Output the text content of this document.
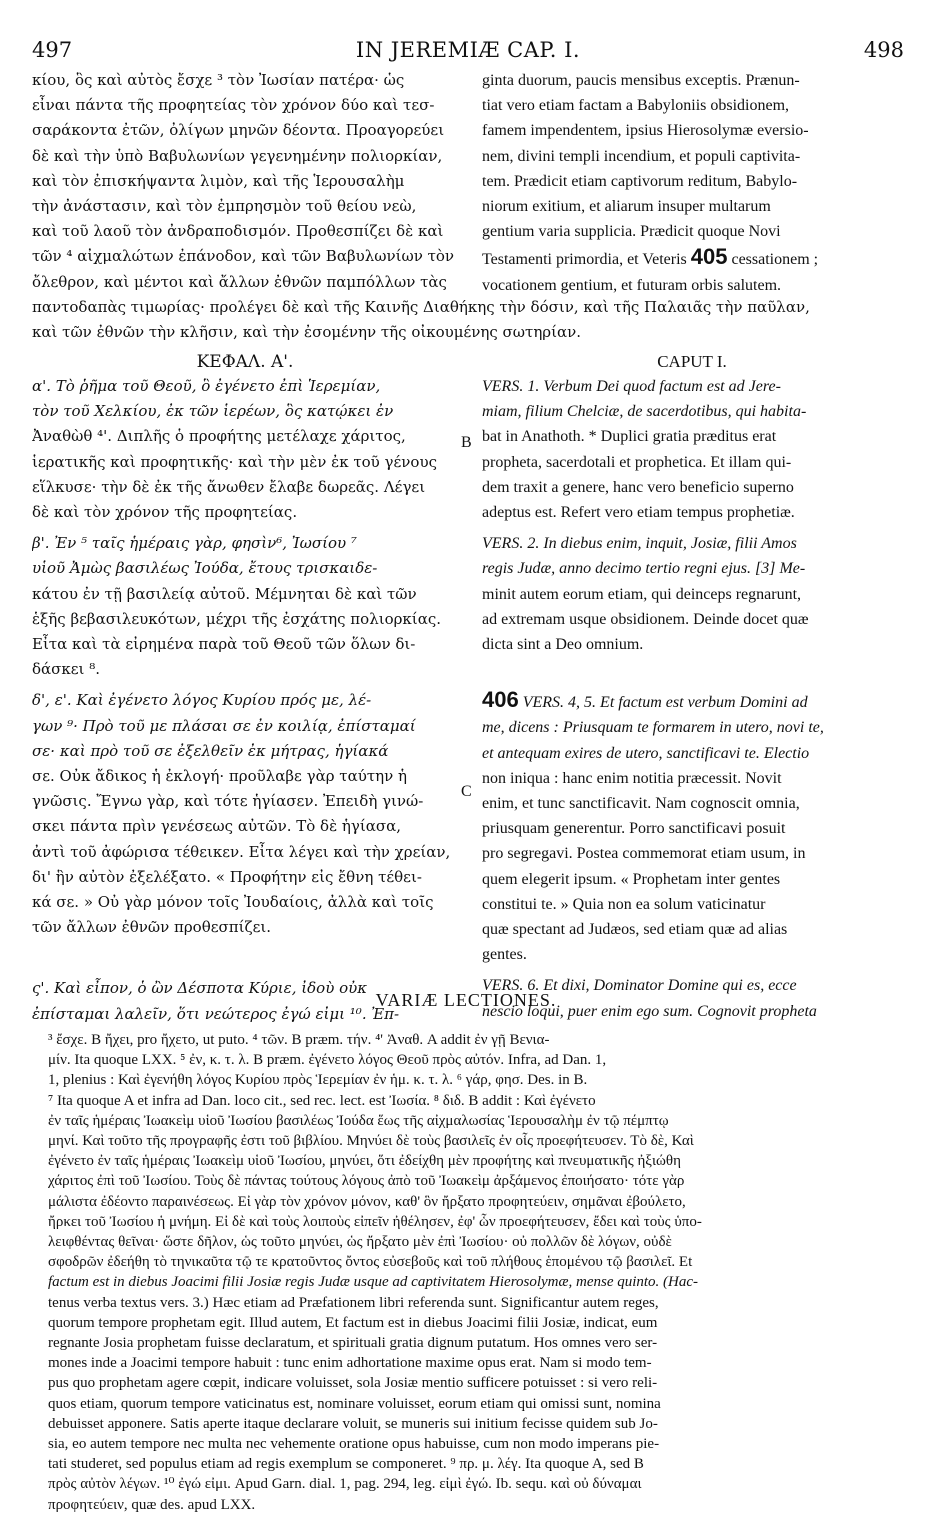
497	IN JEREMIÆ CAP. I.	498
κίου, ὃς καὶ αὐτὸς ἔσχε ³ τὸν Ἰωσίαν πατέρα· ὡς
εἶναι πάντα τῆς προφητείας τὸν χρόνον δύο καὶ τεσ-
σαράκοντα ἐτῶν, ὀλίγων μηνῶν δέοντα. Προαγορεύει
δὲ καὶ τὴν ὑπὸ Βαβυλωνίων γεγενημένην πολιορκίαν,
καὶ τὸν ἐπισκήψαντα λιμὸν, καὶ τῆς Ἱερουσαλὴμ
τὴν ἀνάστασιν, καὶ τὸν ἐμπρησμὸν τοῦ θείου νεὼ,
καὶ τοῦ λαοῦ τὸν ἀνδραποδισμόν. Προθεσπίζει δὲ καὶ
τῶν ⁴ αἰχμαλώτων ἐπάνοδον, καὶ τῶν Βαβυλωνίων τὸν
ὄλεθρον, καὶ μέντοι καὶ ἄλλων ἐθνῶν παμπόλλων τὰς
ginta duorum, paucis mensibus exceptis. Prænun-
tiat vero etiam factam a Babyloniis obsidionem,
famem impendentem, ipsius Hierosolymæ eversio-
nem, divini templi incendium, et populi captivita-
tem. Prædicit etiam captivorum reditum, Babylo-
niorum exitium, et aliarum insuper multarum
gentium varia supplicia. Prædicit quoque Novi
Testamenti primordia, et Veteris 405 cessationem ;
vocationem gentium, et futuram orbis salutem.
παντοδαπὰς τιμωρίας· προλέγει δὲ καὶ τῆς Καινῆς Διαθήκης τὴν δόσιν, καὶ τῆς Παλαιᾶς τὴν παῦλαν,
καὶ τῶν ἐθνῶν τὴν κλῆσιν, καὶ τὴν ἐσομένην τῆς οἰκουμένης σωτηρίαν.
ΚΕΦΑΛ. Α'.	CAPUT I.
α'. Τὸ ῥῆμα τοῦ Θεοῦ, ὃ ἐγένετο ἐπὶ Ἱερεμίαν,
τὸν τοῦ Χελκίου, ἐκ τῶν ἱερέων, ὃς κατῴκει ἐν
Ἀναθὼθ ⁴'. Διπλῆς ὁ προφήτης μετέλαχε χάριτος,
ἱερατικῆς καὶ προφητικῆς· καὶ τὴν μὲν ἐκ τοῦ γένους
εἵλκυσε· τὴν δὲ ἐκ τῆς ἄνωθεν ἔλαβε δωρεᾶς. Λέγει
δὲ καὶ τὸν χρόνον τῆς προφητείας.
β'. Ἐν ⁵ ταῖς ἡμέραις γὰρ, φησὶν⁶, Ἰωσίου ⁷
υἱοῦ Ἀμὼς βασιλέως Ἰούδα, ἔτους τρισκαιδε-
κάτου ἐν τῇ βασιλείᾳ αὐτοῦ. Μέμνηται δὲ καὶ τῶν
ἑξῆς βεβασιλευκότων, μέχρι τῆς ἐσχάτης πολιορκίας.
Εἶτα καὶ τὰ εἰρημένα παρὰ τοῦ Θεοῦ τῶν ὅλων δι-
δάσκει ⁸.
δ', ε'. Καὶ ἐγένετο λόγος Κυρίου πρός με, λέ-
γων ⁹· Πρὸ τοῦ με πλάσαι σε ἐν κοιλίᾳ, ἐπίσταμαί
σε· καὶ πρὸ τοῦ σε ἐξελθεῖν ἐκ μήτρας, ἡγίακά
σε. Οὐκ ἄδικος ἡ ἐκλογή· προῦλαβε γὰρ ταύτην ἡ
γνῶσις. Ἔγνω γὰρ, καὶ τότε ἡγίασεν. Ἐπειδὴ γινώ-
σκει πάντα πρὶν γενέσεως αὐτῶν. Τὸ δὲ ἡγίασα,
ἀντὶ τοῦ ἀφώρισα τέθεικεν. Εἶτα λέγει καὶ τὴν χρείαν,
δι' ἣν αὐτὸν ἐξελέξατο. « Προφήτην εἰς ἔθνη τέθει-
κά σε. » Οὐ γὰρ μόνον τοῖς Ἰουδαίοις, ἀλλὰ καὶ τοῖς
τῶν ἄλλων ἐθνῶν προθεσπίζει.
ς'. Καὶ εἶπον, ὁ ὢν Δέσποτα Κύριε, ἰδοὺ οὐκ
ἐπίσταμαι λαλεῖν, ὅτι νεώτερος ἐγώ εἰμι ¹⁰. Ἐπ-
VERS. 1. Verbum Dei quod factum est ad Jere-
miam, filium Chelciæ, de sacerdotibus, qui habita-
bat in Anathoth. * Duplici gratia præditus erat
propheta, sacerdotali et prophetica. Et illam qui-
dem traxit a genere, hanc vero beneficio superno
adeptus est. Refert vero etiam tempus prophetiæ.
VERS. 2. In diebus enim, inquit, Josiæ, filii Amos
regis Judæ, anno decimo tertio regni ejus. [3] Me-
minit autem eorum etiam, qui deinceps regnarunt,
ad extremam usque obsidionem. Deinde docet quæ
dicta sint a Deo omnium.
406 VERS. 4, 5. Et factum est verbum Domini ad
me, dicens : Priusquam te formarem in utero, novi te,
et antequam exires de utero, sanctificavi te. Electio
non iniqua : hanc enim notitia præcessit. Novit
enim, et tunc sanctificavit. Nam cognoscit omnia,
priusquam generentur. Porro sanctificavi posuit
pro segregavi. Postea commemorat etiam usum, in
quem elegerit ipsum. « Prophetam inter gentes
constitui te. » Quia non ea solum vaticinatur
quæ spectant ad Judæos, sed etiam quæ ad alias
gentes.
VERS. 6. Et dixi, Dominator Domine qui es, ecce
nescio loqui, puer enim ego sum. Cognovit propheta
B
C
VARIÆ LECTIONES.
³ ἔσχε. B ἤχει, pro ἤχετο, ut puto. ⁴ τῶν. B præm. τήν. ⁴' Ἀναθ. A addit ἐν γῇ Βενια-
μίν. Ita quoque LXX. ⁵ ἐν, κ. τ. λ. B præm. ἐγένετο λόγος Θεοῦ πρὸς αὐτόν. Infra, ad Dan. 1,
1, plenius : Καὶ ἐγενήθη λόγος Κυρίου πρὸς Ἱερεμίαν ἐν ἡμ. κ. τ. λ. ⁶ γάρ, φησ. Des. in B.
⁷ Ita quoque A et infra ad Dan. loco cit., sed rec. lect. est Ἰωσία. ⁸ διδ. B addit : Καὶ ἐγένετο
ἐν ταῖς ἡμέραις Ἰωακεὶμ υἱοῦ Ἰωσίου βασιλέως Ἰούδα ἕως τῆς αἰχμαλωσίας Ἱερουσαλὴμ ἐν τῷ πέμπτῳ
μηνί. Καὶ τοῦτο τῆς προγραφῆς ἐστι τοῦ βιβλίου. Μηνύει δὲ τοὺς βασιλεῖς ἐν οἷς προεφήτευσεν. Τὸ δὲ, Καὶ
ἐγένετο ἐν ταῖς ἡμέραις Ἰωακεὶμ υἱοῦ Ἰωσίου, μηνύει, ὅτι ἐδείχθη μὲν προφήτης καὶ πνευματικῆς ἠξιώθη
χάριτος ἐπὶ τοῦ Ἰωσίου. Τοὺς δὲ πάντας τούτους λόγους ἀπὸ τοῦ Ἰωακεὶμ ἀρξάμενος ἐποιήσατο· τότε γὰρ
μάλιστα ἐδέοντο παραινέσεως. Εἰ γὰρ τὸν χρόνον μόνον, καθ' ὃν ἤρξατο προφητεύειν, σημᾶναι ἐβούλετο,
ἤρκει τοῦ Ἰωσίου ἡ μνήμη. Εἰ δὲ καὶ τοὺς λοιποὺς εἰπεῖν ἠθέλησεν, ἐφ' ὧν προεφήτευσεν, ἔδει καὶ τοὺς ὑπο-
λειφθέντας θεῖναι· ὥστε δῆλον, ὡς τοῦτο μηνύει, ὡς ἤρξατο μὲν ἐπὶ Ἰωσίου· οὐ πολλῶν δὲ λόγων, οὐδὲ
σφοδρῶν ἐδεήθη τὸ τηνικαῦτα τῷ τε κρατοῦντος ὄντος εὐσεβοῦς καὶ τοῦ πλήθους ἑπομένου τῷ βασιλεῖ. Et
factum est in diebus Joacimi filii Josiæ regis Judæ usque ad captivitatem Hierosolymæ, mense quinto. (Hac-
tenus verba textus vers. 3.) Hæc etiam ad Præfationem libri referenda sunt. Significantur autem reges,
quorum tempore prophetam egit. Illud autem, Et factum est in diebus Joacimi filii Josiæ, indicat, eum
regnante Josia prophetam fuisse declaratum, et spirituali gratia dignum putatum. Hos omnes vero ser-
mones inde a Joacimi tempore habuit : tunc enim adhortatione maxime opus erat. Nam si modo tem-
pus quo prophetam agere cœpit, indicare voluisset, sola Josiæ mentio sufficere potuisset : si vero reli-
quos etiam, quorum tempore vaticinatus est, nominare voluisset, eorum etiam qui omissi sunt, nomina
debuisset apponere. Satis aperte itaque declarare voluit, se muneris sui initium fecisse quidem sub Jo-
sia, eo autem tempore nec multa nec vehemente oratione opus habuisse, cum non modo imperans pie-
tati studeret, sed populus etiam ad regis exemplum se componeret. ⁹ πρ. μ. λέγ. Ita quoque A, sed B
πρὸς αὐτὸν λέγων. ¹⁰ ἐγώ εἰμι. Apud Garn. dial. 1, pag. 294, leg. εἰμὶ ἐγώ. Ib. sequ. καὶ οὐ δύναμαι
προφητεύειν, quæ des. apud LXX.
